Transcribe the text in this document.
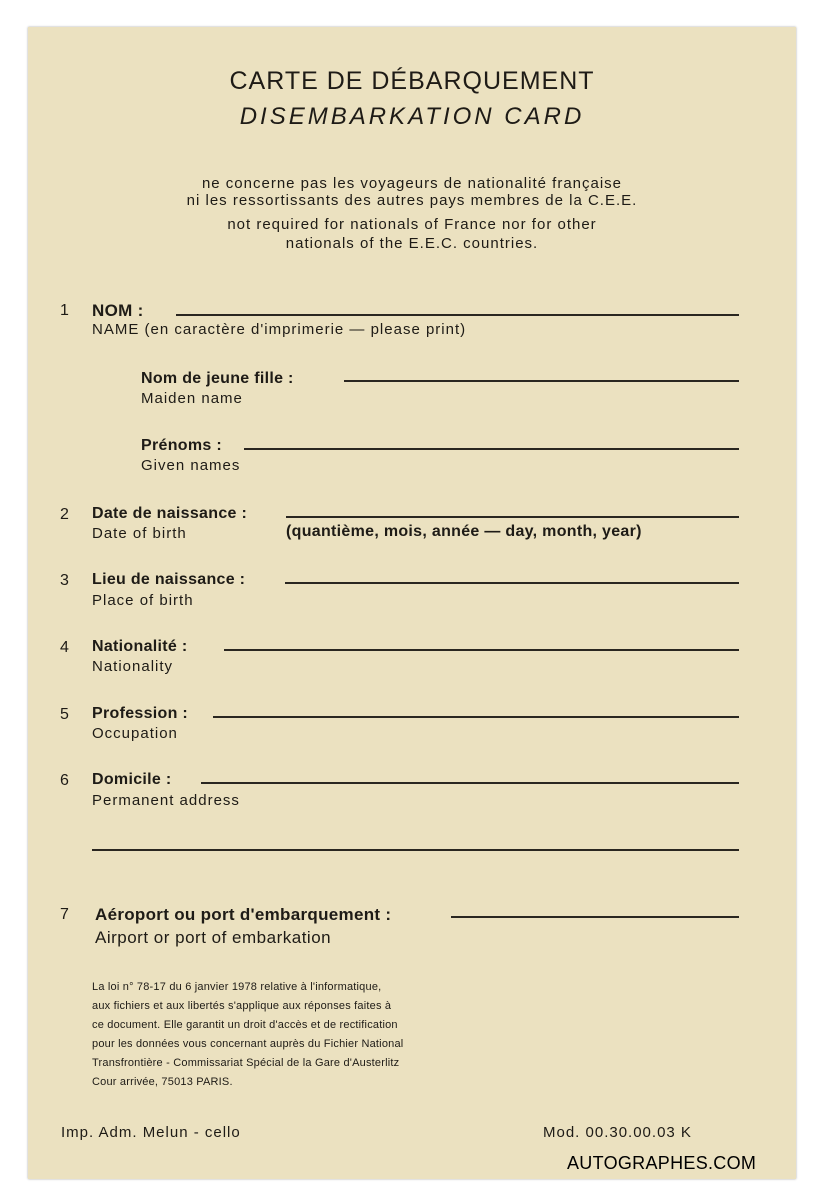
CARTE DE DÉBARQUEMENT
DISEMBARKATION CARD
ne concerne pas les voyageurs de nationalité française
ni les ressortissants des autres pays membres de la C.E.E.
not required for nationals of France nor for other
nationals of the E.E.C. countries.
1 NOM :
NAME (en caractère d'imprimerie — please print)
Nom de jeune fille :
Maiden name
Prénoms :
Given names
2 Date de naissance :
Date of birth	(quantième, mois, année — day, month, year)
3 Lieu de naissance :
Place of birth
4 Nationalité :
Nationality
5 Profession :
Occupation
6 Domicile :
Permanent address
7 Aéroport ou port d'embarquement :
Airport or port of embarkation
La loi n° 78-17 du 6 janvier 1978 relative à l'informatique,
aux fichiers et aux libertés s'applique aux réponses faites à
ce document. Elle garantit un droit d'accès et de rectification
pour les données vous concernant auprès du Fichier National
Transfrontière - Commissariat Spécial de la Gare d'Austerlitz
Cour arrivée, 75013 PARIS.
Imp. Adm. Melun - cello	Mod. 00.30.00.03 K
AUTOGRAPHES.COM
